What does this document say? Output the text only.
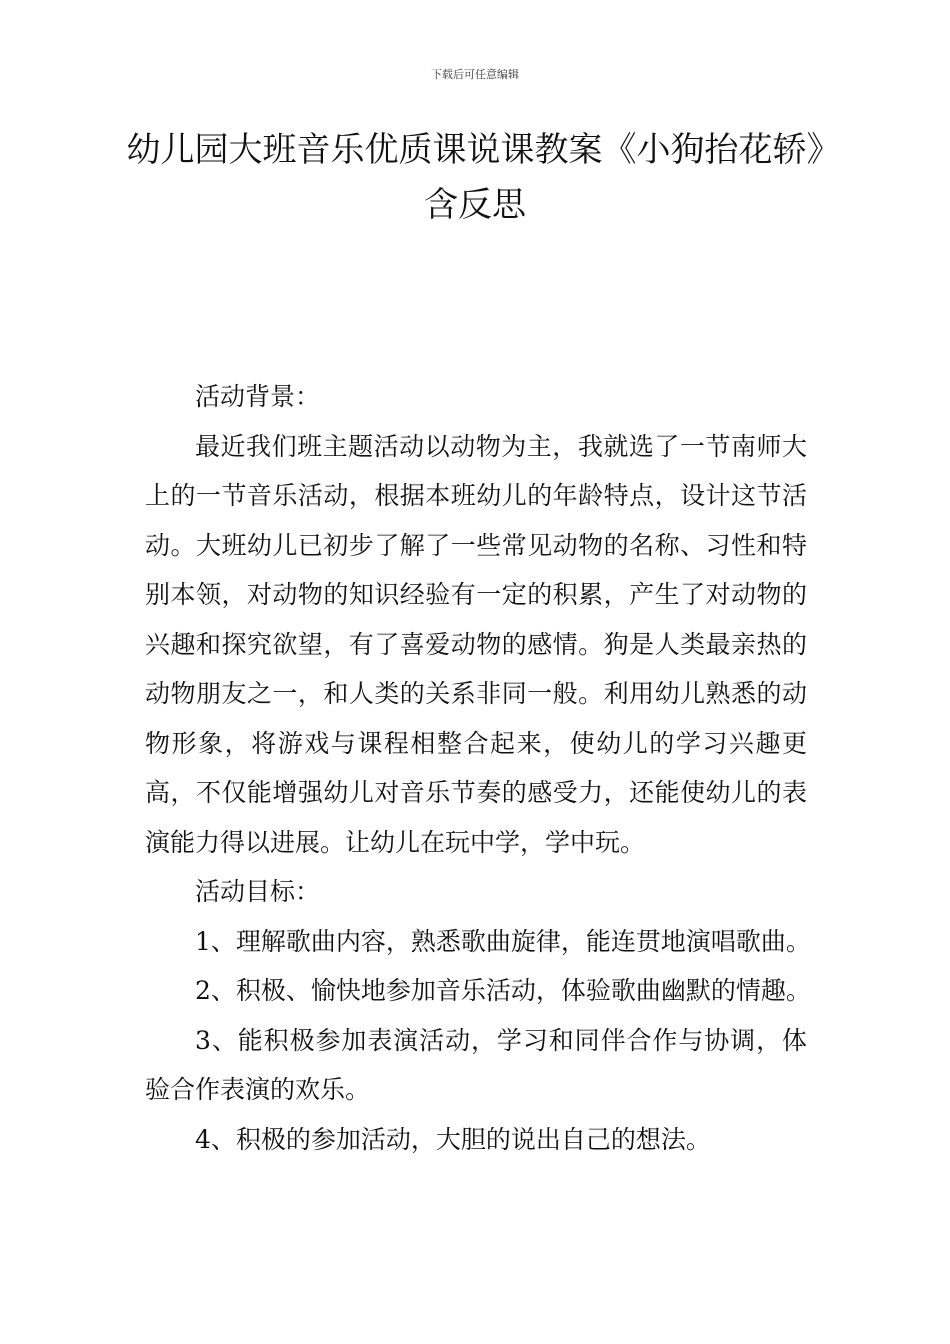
下载后可任意编辑
幼儿园大班音乐优质课说课教案《小狗抬花轿》含反思

活动背景：

最近我们班主题活动以动物为主，我就选了一节南师大上的一节音乐活动，根据本班幼儿的年龄特点，设计这节活动。大班幼儿已初步了解了一些常见动物的名称、习性和特别本领，对动物的知识经验有一定的积累，产生了对动物的兴趣和探究欲望，有了喜爱动物的感情。狗是人类最亲热的动物朋友之一，和人类的关系非同一般。利用幼儿熟悉的动物形象，将游戏与课程相整合起来，使幼儿的学习兴趣更高，不仅能增强幼儿对音乐节奏的感受力，还能使幼儿的表演能力得以进展。让幼儿在玩中学，学中玩。

活动目标：

1、理解歌曲内容，熟悉歌曲旋律，能连贯地演唱歌曲。

2、积极、愉快地参加音乐活动，体验歌曲幽默的情趣。

3、能积极参加表演活动，学习和同伴合作与协调，体验合作表演的欢乐。

4、积极的参加活动，大胆的说出自己的想法。
